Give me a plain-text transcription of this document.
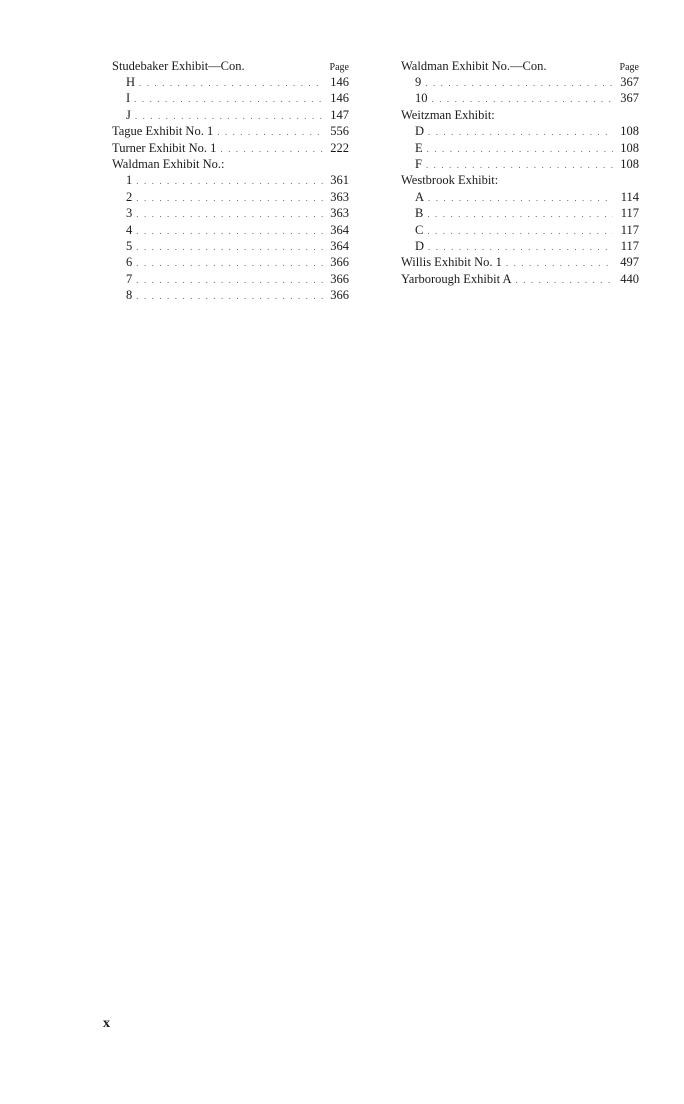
Studebaker Exhibit—Con.	Page
H . . .	146
I . . .	146
J . . .	147
Tague Exhibit No. 1 . . .	556
Turner Exhibit No. 1 . . .	222
Waldman Exhibit No.:
1 . . .	361
2 . . .	363
3 . . .	363
4 . . .	364
5 . . .	364
6 . . .	366
7 . . .	366
8 . . .	366
Waldman Exhibit No.—Con.	Page
9 . . .	367
10 . . .	367
Weitzman Exhibit:
D . . .	108
E . . .	108
F . . .	108
Westbrook Exhibit:
A . . .	114
B . . .	117
C . . .	117
D . . .	117
Willis Exhibit No. 1 . . .	497
Yarborough Exhibit A . . .	440
x
